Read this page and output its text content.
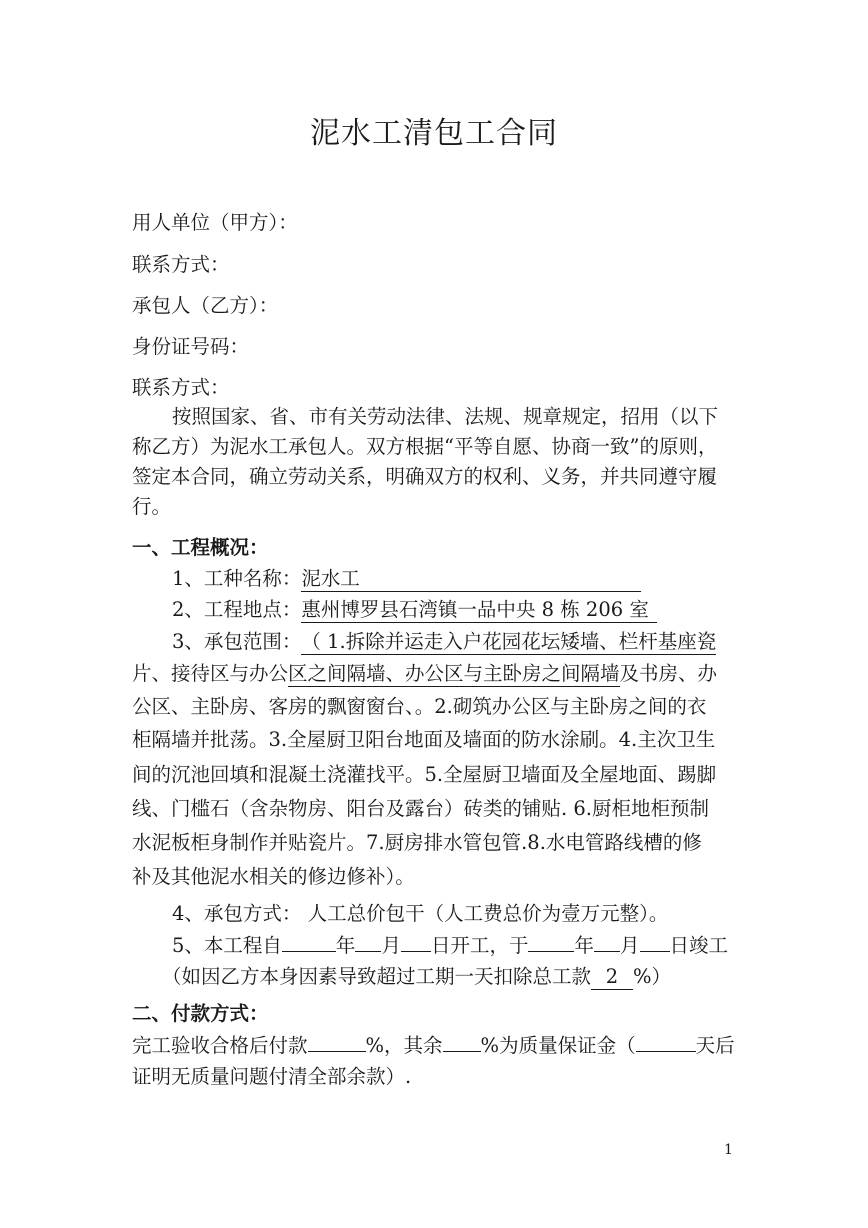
泥水工清包工合同
用人单位（甲方）：
联系方式：
承包人（乙方）：
身份证号码：
联系方式：
按照国家、省、市有关劳动法律、法规、规章规定，招用（以下
称乙方）为泥水工承包人。双方根据“平等自愿、协商一致”的原则，
签定本合同，确立劳动关系，明确双方的权利、义务，并共同遵守履
行。
一、工程概况：
1、工种名称：泥水工
2、工程地点：惠州博罗县石湾镇一品中央 8 栋 206 室
3、承包范围：（ 1.拆除并运走入户花园花坛矮墙、栏杆基座瓷
片、接待区与办公区之间隔墙、办公区与主卧房之间隔墙及书房、办
公区、主卧房、客房的飘窗窗台、。2.砌筑办公区与主卧房之间的衣
柜隔墙并批荡。3.全屋厨卫阳台地面及墙面的防水涂刷。4.主次卫生
间的沉池回填和混凝土浇灌找平。5.全屋厨卫墙面及全屋地面、踢脚
线、门槛石（含杂物房、阳台及露台）砖类的铺贴. 6.厨柜地柜预制
水泥板柜身制作并贴瓷片。7.厨房排水管包管.8.水电管路线槽的修
补及其他泥水相关的修边修补）。
4、承包方式： 人工总价包干（人工费总价为壹万元整）。
5、本工程自	年 月 日开工，于 年 月 日竣工
（如因乙方本身因素导致超过工期一天扣除总工款 2 %）
二、付款方式：
完工验收合格后付款	%，其余 %为质量保证金（	天后
证明无质量问题付清全部余款）.
1
